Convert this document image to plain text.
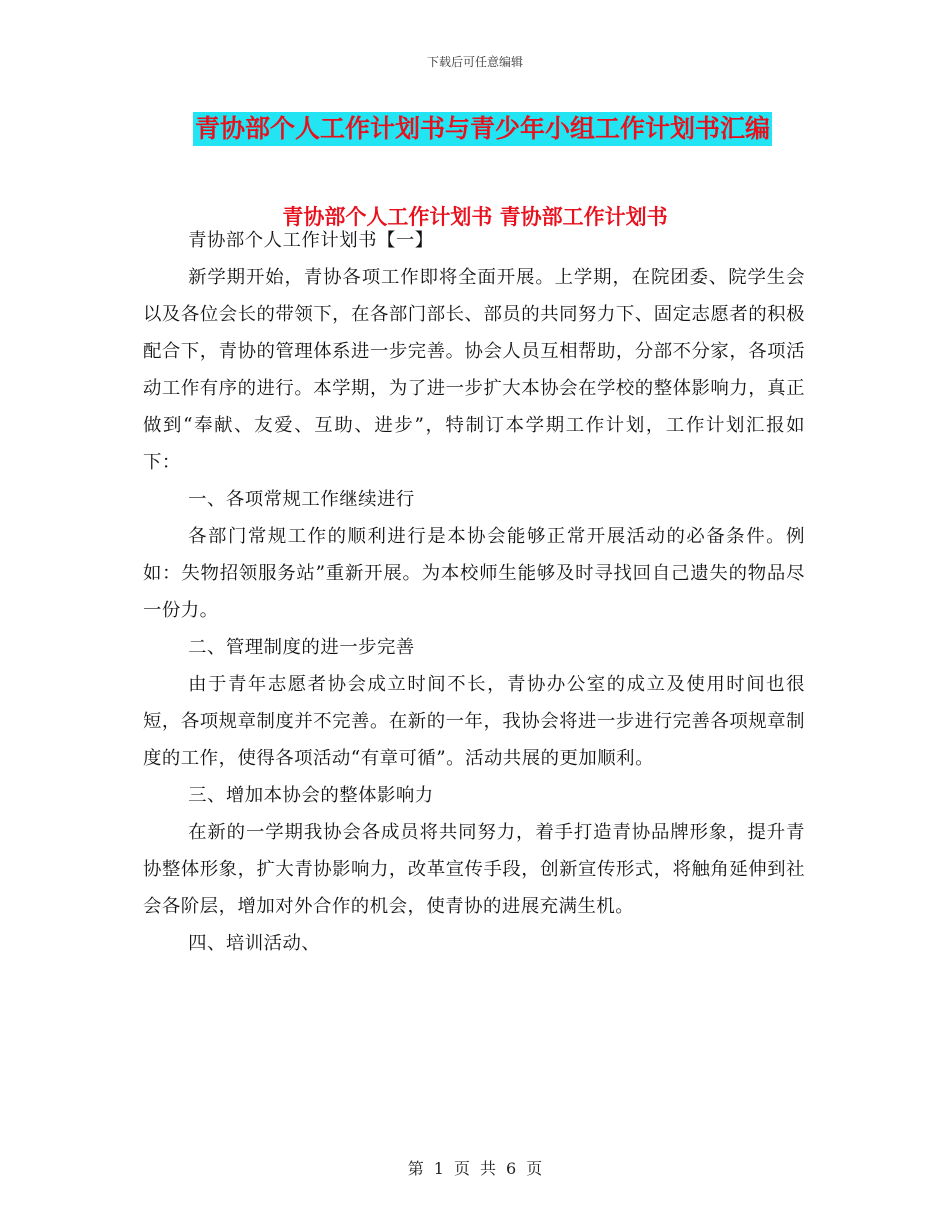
下载后可任意编辑
青协部个人工作计划书与青少年小组工作计划书汇编
青协部个人工作计划书 青协部工作计划书

青协部个人工作计划书【一】

新学期开始，青协各项工作即将全面开展。上学期，在院团委、院学生会以及各位会长的带领下，在各部门部长、部员的共同努力下、固定志愿者的积极配合下，青协的管理体系进一步完善。协会人员互相帮助，分部不分家，各项活动工作有序的进行。本学期，为了进一步扩大本协会在学校的整体影响力，真正做到“奉献、友爱、互助、进步”，特制订本学期工作计划，工作计划汇报如下：

一、各项常规工作继续进行

各部门常规工作的顺利进行是本协会能够正常开展活动的必备条件。例如：失物招领服务站”重新开展。为本校师生能够及时寻找回自己遗失的物品尽一份力。

二、管理制度的进一步完善

由于青年志愿者协会成立时间不长，青协办公室的成立及使用时间也很短，各项规章制度并不完善。在新的一年，我协会将进一步进行完善各项规章制度的工作，使得各项活动“有章可循”。活动共展的更加顺利。

三、增加本协会的整体影响力

在新的一学期我协会各成员将共同努力，着手打造青协品牌形象，提升青协整体形象，扩大青协影响力，改革宣传手段，创新宣传形式，将触角延伸到社会各阶层，增加对外合作的机会，使青协的进展充满生机。

四、培训活动、

第 1 页 共 6 页
